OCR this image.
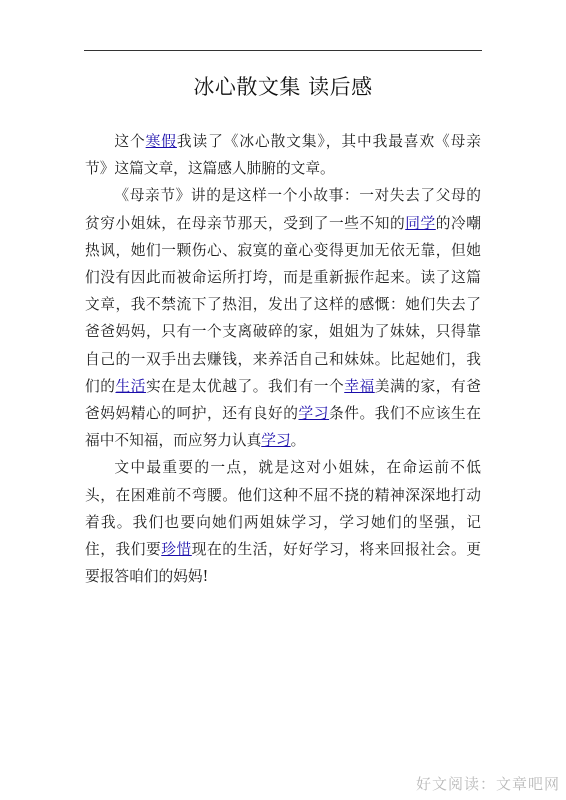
冰心散文集 读后感

这个寒假我读了《冰心散文集》，其中我最喜欢《母亲节》这篇文章，这篇感人肺腑的文章。

《母亲节》讲的是这样一个小故事：一对失去了父母的贫穷小姐妹，在母亲节那天，受到了一些不知的同学的冷嘲热讽，她们一颗伤心、寂寞的童心变得更加无依无靠，但她们没有因此而被命运所打垮，而是重新振作起来。读了这篇文章，我不禁流下了热泪，发出了这样的感慨：她们失去了爸爸妈妈，只有一个支离破碎的家，姐姐为了妹妹，只得靠自己的一双手出去赚钱，来养活自己和妹妹。比起她们，我们的生活实在是太优越了。我们有一个幸福美满的家，有爸爸妈妈精心的呵护，还有良好的学习条件。我们不应该生在福中不知福，而应努力认真学习。

文中最重要的一点，就是这对小姐妹，在命运前不低头，在困难前不弯腰。他们这种不屈不挠的精神深深地打动着我。我们也要向她们两姐妹学习，学习她们的坚强，记住，我们要珍惜现在的生活，好好学习，将来回报社会。更要报答咱们的妈妈!

好文阅读：文章吧网
